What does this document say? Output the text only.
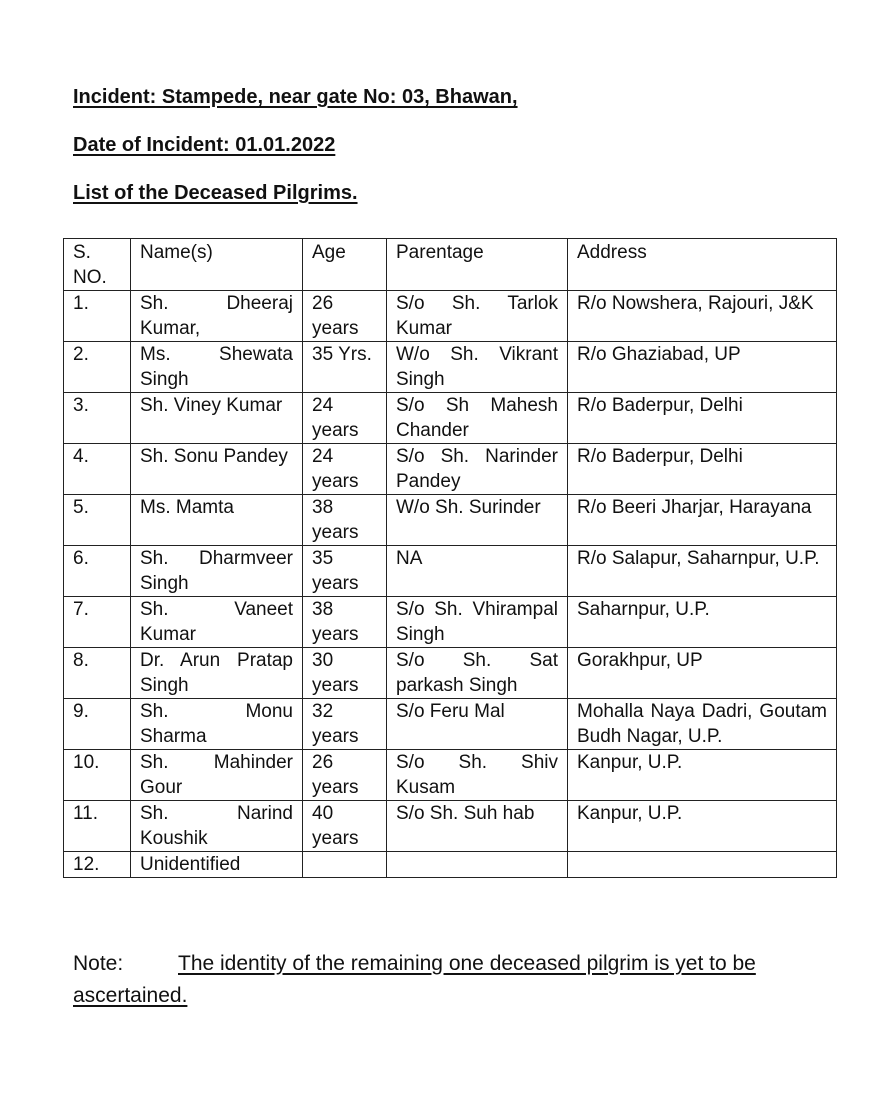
Incident: Stampede, near gate No: 03, Bhawan,

Date of Incident: 01.01.2022

List of the Deceased Pilgrims.

S. NO.	Name(s)	Age	Parentage	Address
1.	Sh. Dheeraj Kumar,	26 years	S/o Sh. Tarlok Kumar	R/o Nowshera, Rajouri, J&K
2.	Ms. Shewata Singh	35 Yrs.	W/o Sh. Vikrant Singh	R/o Ghaziabad, UP
3.	Sh. Viney Kumar	24 years	S/o Sh Mahesh Chander	R/o Baderpur, Delhi
4.	Sh. Sonu Pandey	24 years	S/o Sh. Narinder Pandey	R/o Baderpur, Delhi
5.	Ms. Mamta	38 years	W/o Sh. Surinder	R/o Beeri Jharjar, Harayana
6.	Sh. Dharmveer Singh	35 years	NA	R/o Salapur, Saharnpur, U.P.
7.	Sh. Vaneet Kumar	38 years	S/o Sh. Vhirampal Singh	Saharnpur, U.P.
8.	Dr. Arun Pratap Singh	30 years	S/o Sh. Sat parkash Singh	Gorakhpur, UP
9.	Sh. Monu Sharma	32 years	S/o Feru Mal	Mohalla Naya Dadri, Goutam Budh Nagar, U.P.
10.	Sh. Mahinder Gour	26 years	S/o Sh. Shiv Kusam	Kanpur, U.P.
11.	Sh. Narind Koushik	40 years	S/o Sh. Suh hab	Kanpur, U.P.
12.	Unidentified			

Note:	The identity of the remaining one deceased pilgrim is yet to be ascertained.
